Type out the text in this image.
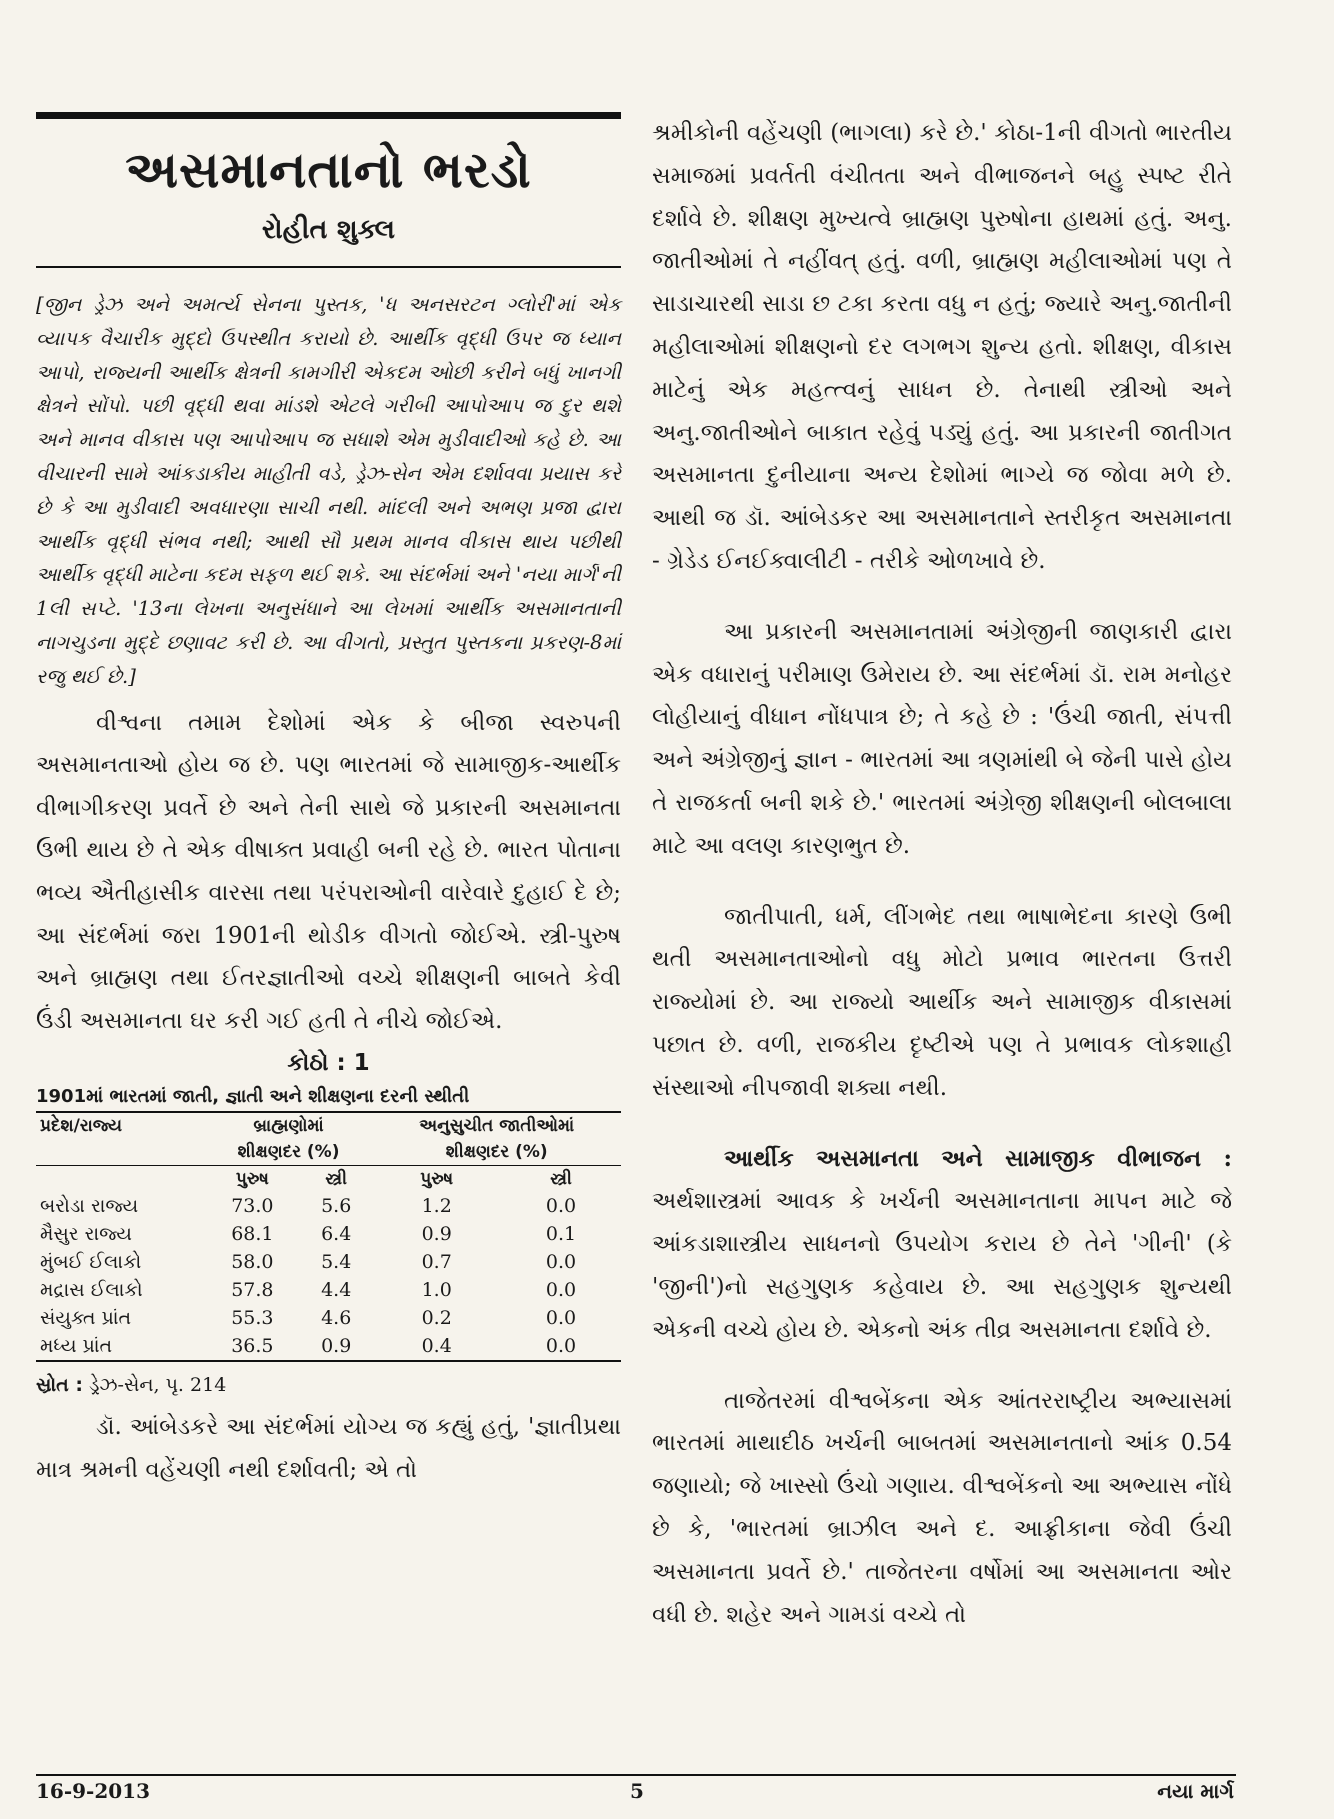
અસમાનતાનો ભરડો
રોહીત શુક્લ

[જીન ડ્રેઝ અને અમર્ત્ય સેનના પુસ્તક, 'ધ અનસરટન ગ્લોરી'માં એક વ્યાપક વૈચારીક મુદ્દો ઉપસ્થીત કરાયો છે. આર્થીક વૃદ્ધી ઉપર જ ધ્યાન આપો, રાજ્યની આર્થીક ક્ષેત્રની કામગીરી એકદમ ઓછી કરીને બધું ખાનગી ક્ષેત્રને સોંપો. પછી વૃદ્ધી થવા માંડશે એટલે ગરીબી આપોઆપ જ દુર થશે અને માનવ વીકાસ પણ આપોઆપ જ સધાશે એમ મુડીવાદીઓ કહે છે. આ વીચારની સામે આંકડાકીય માહીતી વડે, ડ્રેઝ-સેન એમ દર્શાવવા પ્રયાસ કરે છે કે આ મુડીવાદી અવધારણા સાચી નથી. માંદલી અને અભણ પ્રજા દ્વારા આર્થીક વૃદ્ધી સંભવ નથી; આથી સૌ પ્રથમ માનવ વીકાસ થાય પછીથી આર્થીક વૃદ્ધી માટેના કદમ સફળ થઈ શકે. આ સંદર્ભમાં અને 'નયા માર્ગ'ની 1લી સપ્ટે. '13ના લેખના અનુસંધાને આ લેખમાં આર્થીક અસમાનતાની નાગચુડના મુદ્દે છણાવટ કરી છે. આ વીગતો, પ્રસ્તુત પુસ્તકના પ્રકરણ-8માં રજુ થઈ છે.]

વીશ્વના તમામ દેશોમાં એક કે બીજા સ્વરુપની અસમાનતાઓ હોય જ છે. પણ ભારતમાં જે સામાજીક-આર્થીક વીભાગીકરણ પ્રવર્તે છે અને તેની સાથે જે પ્રકારની અસમાનતા ઉભી થાય છે તે એક વીષાક્ત પ્રવાહી બની રહે છે. ભારત પોતાના ભવ્ય ઐતીહાસીક વારસા તથા પરંપરાઓની વારેવારે દુહાઈ દે છે; આ સંદર્ભમાં જરા 1901ની થોડીક વીગતો જોઈએ. સ્ત્રી-પુરુષ અને બ્રાહ્મણ તથા ઈતરજ્ઞાતીઓ વચ્ચે શીક્ષણની બાબતે કેવી ઉંડી અસમાનતા ઘર કરી ગઈ હતી તે નીચે જોઈએ.

કોઠો : 1
1901માં ભારતમાં જાતી, જ્ઞાતી અને શીક્ષણના દરની સ્થીતી
પ્રદેશ/રાજ્ય	બ્રાહ્મણોમાં		અનુસુચીત જાતીઓમાં	
	શીક્ષણદર (%)		શીક્ષણદર (%)	
	પુરુષ	સ્ત્રી	પુરુષ	સ્ત્રી
બરોડા રાજ્ય	73.0	5.6	1.2	0.0
મૈસુર રાજ્ય	68.1	6.4	0.9	0.1
મુંબઈ ઈલાકો	58.0	5.4	0.7	0.0
મદ્રાસ ઈલાકો	57.8	4.4	1.0	0.0
સંયુક્ત પ્રાંત	55.3	4.6	0.2	0.0
મધ્ય પ્રાંત	36.5	0.9	0.4	0.0
સ્રોત : ડ્રેઝ-સેન, પૃ. 214

ડૉ. આંબેડકરે આ સંદર્ભમાં યોગ્ય જ કહ્યું હતું, 'જ્ઞાતીપ્રથા માત્ર શ્રમની વહેંચણી નથી દર્શાવતી; એ તો

શ્રમીકોની વહેંચણી (ભાગલા) કરે છે.' કોઠા-1ની વીગતો ભારતીય સમાજમાં પ્રવર્તતી વંચીતતા અને વીભાજનને બહુ સ્પષ્ટ રીતે દર્શાવે છે. શીક્ષણ મુખ્યત્વે બ્રાહ્મણ પુરુષોના હાથમાં હતું. અનુ. જાતીઓમાં તે નહીંવત્ હતું. વળી, બ્રાહ્મણ મહીલાઓમાં પણ તે સાડાચારથી સાડા છ ટકા કરતા વધુ ન હતું; જ્યારે અનુ.જાતીની મહીલાઓમાં શીક્ષણનો દર લગભગ શુન્ય હતો. શીક્ષણ, વીકાસ માટેનું એક મહત્ત્વનું સાધન છે. તેનાથી સ્ત્રીઓ અને અનુ.જાતીઓને બાકાત રહેવું પડ્યું હતું. આ પ્રકારની જાતીગત અસમાનતા દુનીયાના અન્ય દેશોમાં ભાગ્યે જ જોવા મળે છે. આથી જ ડૉ. આંબેડકર આ અસમાનતાને સ્તરીકૃત અસમાનતા - ગ્રેડેડ ઈનઈક્વાલીટી - તરીકે ઓળખાવે છે.

આ પ્રકારની અસમાનતામાં અંગ્રેજીની જાણકારી દ્વારા એક વધારાનું પરીમાણ ઉમેરાય છે. આ સંદર્ભમાં ડૉ. રામ મનોહર લોહીયાનું વીધાન નોંધપાત્ર છે; તે કહે છે : 'ઉંચી જાતી, સંપત્તી અને અંગ્રેજીનું જ્ઞાન - ભારતમાં આ ત્રણમાંથી બે જેની પાસે હોય તે રાજકર્તા બની શકે છે.' ભારતમાં અંગ્રેજી શીક્ષણની બોલબાલા માટે આ વલણ કારણભુત છે.

જાતીપાતી, ધર્મ, લીંગભેદ તથા ભાષાભેદના કારણે ઉભી થતી અસમાનતાઓનો વધુ મોટો પ્રભાવ ભારતના ઉત્તરી રાજ્યોમાં છે. આ રાજ્યો આર્થીક અને સામાજીક વીકાસમાં પછાત છે. વળી, રાજકીય દૃષ્ટીએ પણ તે પ્રભાવક લોકશાહી સંસ્થાઓ નીપજાવી શક્યા નથી.

આર્થીક અસમાનતા અને સામાજીક વીભાજન : અર્થશાસ્ત્રમાં આવક કે ખર્ચની અસમાનતાના માપન માટે જે આંકડાશાસ્ત્રીય સાધનનો ઉપયોગ કરાય છે તેને 'ગીની' (કે 'જીની')નો સહગુણક કહેવાય છે. આ સહગુણક શુન્યથી એકની વચ્ચે હોય છે. એકનો અંક તીવ્ર અસમાનતા દર્શાવે છે.

તાજેતરમાં વીશ્વબેંકના એક આંતરરાષ્ટ્રીય અભ્યાસમાં ભારતમાં માથાદીઠ ખર્ચની બાબતમાં અસમાનતાનો આંક 0.54 જણાયો; જે ખાસ્સો ઉંચો ગણાય. વીશ્વબેંકનો આ અભ્યાસ નોંધે છે કે, 'ભારતમાં બ્રાઝીલ અને દ. આફ્રીકાના જેવી ઉંચી અસમાનતા પ્રવર્તે છે.' તાજેતરના વર્ષોમાં આ અસમાનતા ઓર વધી છે. શહેર અને ગામડાં વચ્ચે તો

16-9-2013	5	નયા માર્ગ
